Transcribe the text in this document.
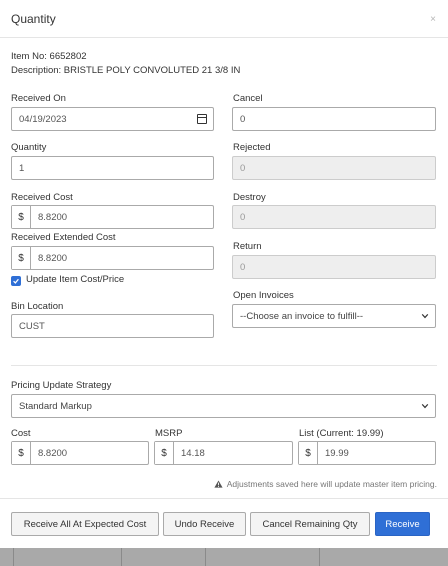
Quantity	×
Item No: 6652802
Description: BRISTLE POLY CONVOLUTED 21 3/8 IN
Received On
04/19/2023
Quantity
1
Received Cost
$	8.8200
Received Extended Cost
$	8.8200
Update Item Cost/Price
Bin Location
CUST
Cancel
0
Rejected
0
Destroy
0
Return
0
Open Invoices
--Choose an invoice to fulfill--
Pricing Update Strategy
Standard Markup
Cost
$	8.8200
MSRP
$	14.18
List (Current: 19.99)
$	19.99
Adjustments saved here will update master item pricing.
Receive All At Expected Cost	Undo Receive	Cancel Remaining Qty	Receive
